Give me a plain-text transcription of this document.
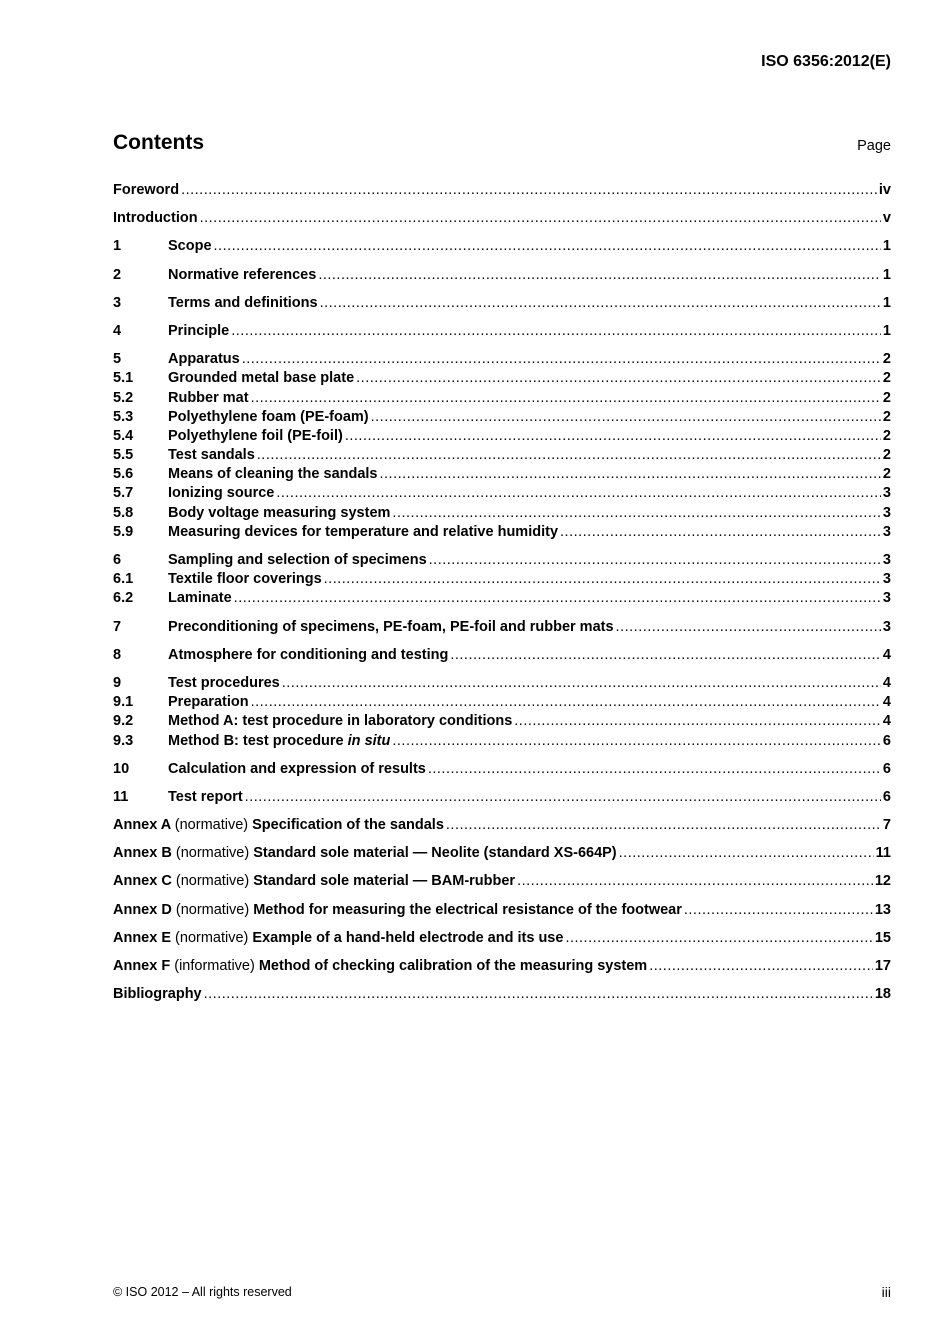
ISO 6356:2012(E)
Contents	Page
Foreword .....	iv
Introduction .....	v
1	Scope .....	1
2	Normative references .....	1
3	Terms and definitions .....	1
4	Principle .....	1
5	Apparatus .....	2
5.1	Grounded metal base plate .....	2
5.2	Rubber mat .....	2
5.3	Polyethylene foam (PE-foam) .....	2
5.4	Polyethylene foil (PE-foil) .....	2
5.5	Test sandals .....	2
5.6	Means of cleaning the sandals .....	2
5.7	Ionizing source .....	3
5.8	Body voltage measuring system .....	3
5.9	Measuring devices for temperature and relative humidity .....	3
6	Sampling and selection of specimens .....	3
6.1	Textile floor coverings .....	3
6.2	Laminate .....	3
7	Preconditioning of specimens, PE-foam, PE-foil and rubber mats .....	3
8	Atmosphere for conditioning and testing .....	4
9	Test procedures .....	4
9.1	Preparation .....	4
9.2	Method A: test procedure in laboratory conditions .....	4
9.3	Method B: test procedure in situ .....	6
10	Calculation and expression of results .....	6
11	Test report .....	6
Annex A (normative) Specification of the sandals .....	7
Annex B (normative) Standard sole material — Neolite (standard XS-664P) .....	11
Annex C (normative) Standard sole material — BAM-rubber .....	12
Annex D (normative) Method for measuring the electrical resistance of the footwear .....	13
Annex E (normative) Example of a hand-held electrode and its use .....	15
Annex F (informative) Method of checking calibration of the measuring system .....	17
Bibliography .....	18
© ISO 2012 – All rights reserved	iii
